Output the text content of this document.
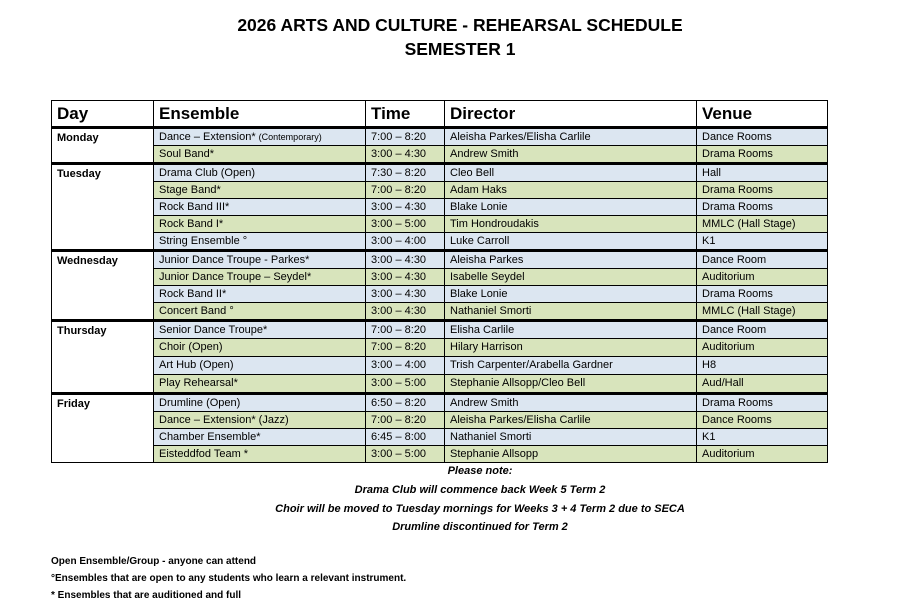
2026 ARTS AND CULTURE - REHEARSAL SCHEDULE
SEMESTER 1
Day	Ensemble	Time	Director	Venue
Monday	Dance – Extension* (Contemporary)	7:00 – 8:20	Aleisha Parkes/Elisha Carlile	Dance Rooms
	Soul Band*	3:00 – 4:30	Andrew Smith	Drama Rooms
Tuesday	Drama Club (Open)	7:30 – 8:20	Cleo Bell	Hall
	Stage Band*	7:00 – 8:20	Adam Haks	Drama Rooms
	Rock Band III*	3:00 – 4:30	Blake Lonie	Drama Rooms
	Rock Band I*	3:00 – 5:00	Tim Hondroudakis	MMLC (Hall Stage)
	String Ensemble °	3:00 – 4:00	Luke Carroll	K1
Wednesday	Junior Dance Troupe - Parkes*	3:00 – 4:30	Aleisha Parkes	Dance Room
	Junior Dance Troupe – Seydel*	3:00 – 4:30	Isabelle Seydel	Auditorium
	Rock Band II*	3:00 – 4:30	Blake Lonie	Drama Rooms
	Concert Band °	3:00 – 4:30	Nathaniel Smorti	MMLC (Hall Stage)
Thursday	Senior Dance Troupe*	7:00 – 8:20	Elisha Carlile	Dance Room
	Choir (Open)	7:00 – 8:20	Hilary Harrison	Auditorium
	Art Hub (Open)	3:00 – 4:00	Trish Carpenter/Arabella Gardner	H8
	Play Rehearsal*	3:00 – 5:00	Stephanie Allsopp/Cleo Bell	Aud/Hall
Friday	Drumline (Open)	6:50 – 8:20	Andrew Smith	Drama Rooms
	Dance – Extension* (Jazz)	7:00 – 8:20	Aleisha Parkes/Elisha Carlile	Dance Rooms
	Chamber Ensemble*	6:45 – 8:00	Nathaniel Smorti	K1
	Eisteddfod Team *	3:00 – 5:00	Stephanie Allsopp	Auditorium
Please note:
Drama Club will commence back Week 5 Term 2
Choir will be moved to Tuesday mornings for Weeks 3 + 4 Term 2 due to SECA
Drumline discontinued for Term 2
Open Ensemble/Group - anyone can attend
°Ensembles that are open to any students who learn a relevant instrument.
* Ensembles that are auditioned and full
